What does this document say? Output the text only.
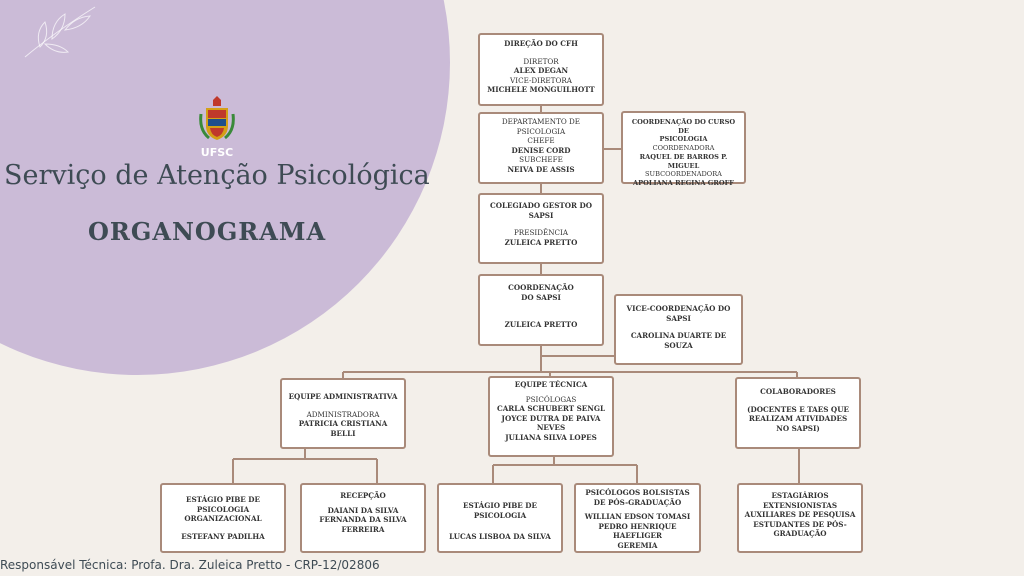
UFSC
Serviço de Atenção Psicológica
ORGANOGRAMA
DIREÇÃO DO CFH
DIRETOR
ALEX DEGAN
VICE-DIRETORA
MICHELE MONGUILHOTT
DEPARTAMENTO DE
PSICOLOGIA
CHEFE
DENISE CORD
SUBCHEFE
NEIVA DE ASSIS
COORDENAÇÃO DO CURSO DE
PSICOLOGIA
COORDENADORA
RAQUEL DE BARROS P. MIGUEL
SUBCOORDENADORA
APOLIANA REGINA GROFF
COLEGIADO GESTOR DO
SAPSI
PRESIDÊNCIA
ZULEICA PRETTO
COORDENAÇÃO
DO SAPSI
ZULEICA PRETTO
VICE-COORDENAÇÃO DO
SAPSI
CAROLINA DUARTE DE
SOUZA
EQUIPE ADMINISTRATIVA
ADMINISTRADORA
PATRICIA CRISTIANA BELLI
EQUIPE TÉCNICA
PSICÓLOGAS
CARLA SCHUBERT SENGL
JOYCE DUTRA DE PAIVA
NEVES
JULIANA SILVA LOPES
COLABORADORES
(DOCENTES E TAES QUE
REALIZAM ATIVIDADES
NO SAPSI)
ESTÁGIO PIBE DE PSICOLOGIA
ORGANIZACIONAL
ESTEFANY PADILHA
RECEPÇÃO
DAIANI DA SILVA
FERNANDA DA SILVA
FERREIRA
ESTÁGIO PIBE DE PSICOLOGIA
LUCAS LISBOA DA SILVA
PSICÓLOGOS BOLSISTAS
DE PÓS-GRADUAÇÃO
WILLIAN EDSON TOMASI
PEDRO HENRIQUE HAEFLIGER
GEREMIA
ESTAGIÁRIOS
EXTENSIONISTAS
AUXILIARES DE PESQUISA
ESTUDANTES DE PÓS-
GRADUAÇÃO
Responsável Técnica: Profa. Dra. Zuleica Pretto - CRP-12/02806
